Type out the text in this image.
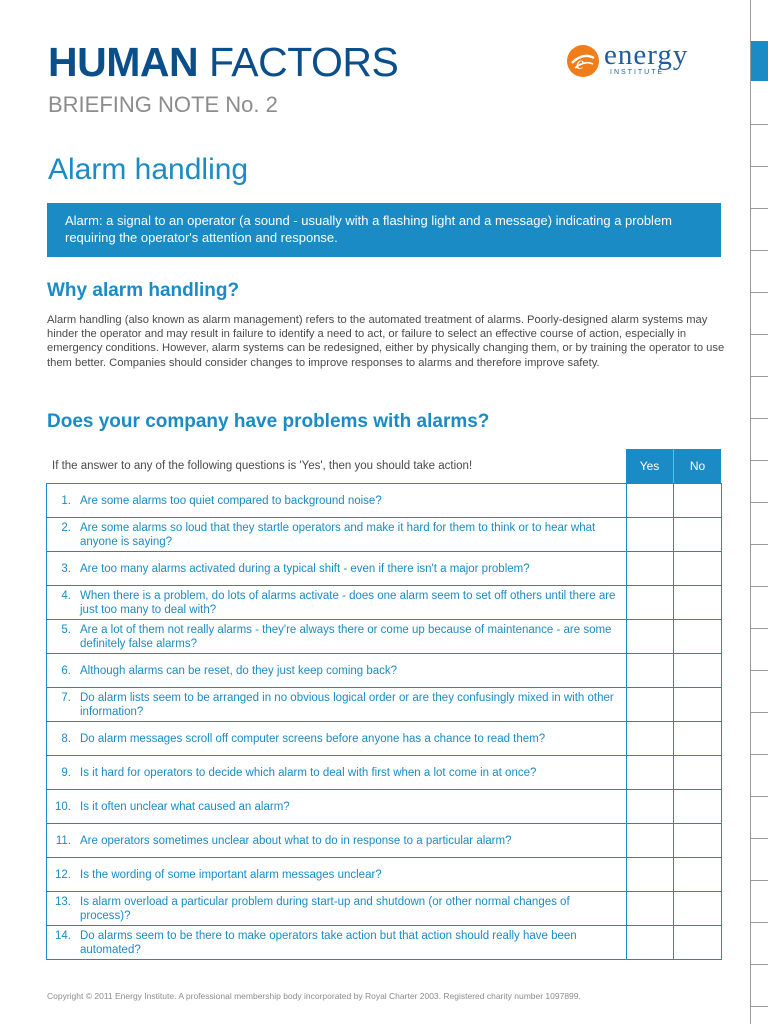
HUMAN FACTORS
BRIEFING NOTE No. 2
e energy
INSTITUTE
Alarm handling
Alarm: a signal to an operator (a sound - usually with a flashing light and a message) indicating a problem requiring the operator's attention and response.
Why alarm handling?
Alarm handling (also known as alarm management) refers to the automated treatment of alarms. Poorly-designed alarm systems may hinder the operator and may result in failure to identify a need to act, or failure to select an effective course of action, especially in emergency conditions. However, alarm systems can be redesigned, either by physically changing them, or by training the operator to use them better. Companies should consider changes to improve responses to alarms and therefore improve safety.
Does your company have problems with alarms?
If the answer to any of the following questions is 'Yes', then you should take action!	Yes	No
1. Are some alarms too quiet compared to background noise?		

2. Are some alarms so loud that they startle operators and make it hard for them to think or to hear what anyone is saying?		

3. Are too many alarms activated during a typical shift - even if there isn't a major problem?		

4. When there is a problem, do lots of alarms activate - does one alarm seem to set off others until there are just too many to deal with?		

5. Are a lot of them not really alarms - they're always there or come up because of maintenance - are some definitely false alarms?		

6. Although alarms can be reset, do they just keep coming back?		

7. Do alarm lists seem to be arranged in no obvious logical order or are they confusingly mixed in with other information?		

8. Do alarm messages scroll off computer screens before anyone has a chance to read them?		

9. Is it hard for operators to decide which alarm to deal with first when a lot come in at once?		

10. Is it often unclear what caused an alarm?		

11. Are operators sometimes unclear about what to do in response to a particular alarm?		

12. Is the wording of some important alarm messages unclear?		

13. Is alarm overload a particular problem during start-up and shutdown (or other normal changes of process)?		

14. Do alarms seem to be there to make operators take action but that action should really have been automated?		

Copyright © 2011 Energy Institute. A professional membership body incorporated by Royal Charter 2003. Registered charity number 1097899.
